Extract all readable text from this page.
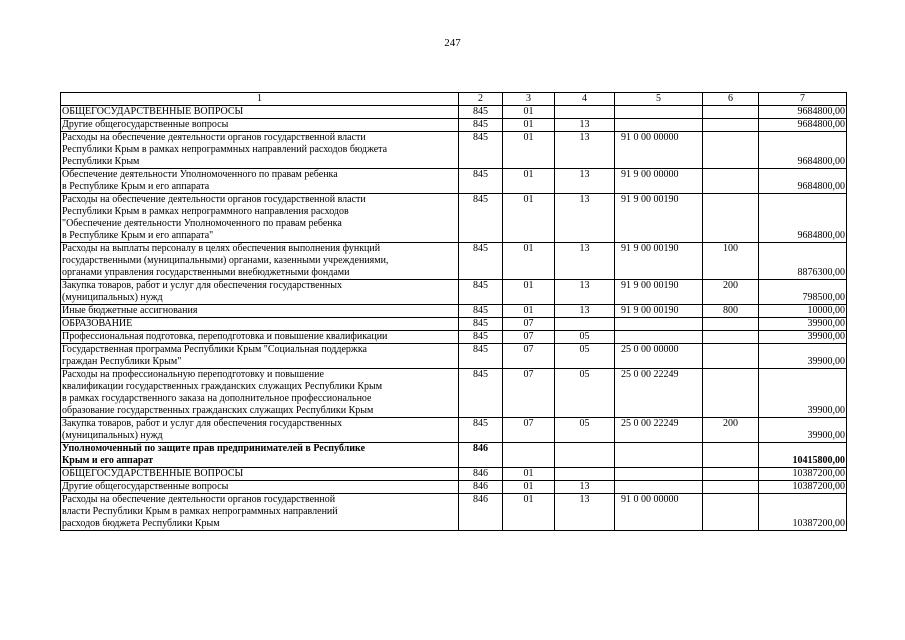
247
1	2	3	4	5	6	7
ОБЩЕГОСУДАРСТВЕННЫЕ ВОПРОСЫ	845	01				9684800,00
Другие общегосударственные вопросы	845	01	13			9684800,00
Расходы на обеспечение деятельности органов государственной власти
Республики Крым в рамках непрограммных направлений расходов бюджета
Республики Крым	845	01	13	91 0 00 00000		9684800,00
Обеспечение деятельности Уполномоченного по правам ребенка
в Республике Крым и его аппарата	845	01	13	91 9 00 00000		9684800,00
Расходы на обеспечение деятельности органов государственной власти
Республики Крым в рамках непрограммного направления расходов
"Обеспечение деятельности Уполномоченного по правам ребенка
в Республике Крым и его аппарата"	845	01	13	91 9 00 00190		9684800,00
Расходы на выплаты персоналу в целях обеспечения выполнения функций
государственными (муниципальными) органами, казенными учреждениями,
органами управления государственными внебюджетными фондами	845	01	13	91 9 00 00190	100	8876300,00
Закупка товаров, работ и услуг для обеспечения государственных
(муниципальных) нужд	845	01	13	91 9 00 00190	200	798500,00
Иные бюджетные ассигнования	845	01	13	91 9 00 00190	800	10000,00
ОБРАЗОВАНИЕ	845	07				39900,00
Профессиональная подготовка, переподготовка и повышение квалификации	845	07	05			39900,00
Государственная программа Республики Крым "Социальная поддержка
граждан Республики Крым"	845	07	05	25 0 00 00000		39900,00
Расходы на профессиональную переподготовку и повышение
квалификации государственных гражданских служащих Республики Крым
в рамках государственного заказа на дополнительное профессиональное
образование государственных гражданских служащих Республики Крым	845	07	05	25 0 00 22249		39900,00
Закупка товаров, работ и услуг для обеспечения государственных
(муниципальных) нужд	845	07	05	25 0 00 22249	200	39900,00
Уполномоченный по защите прав предпринимателей в Республике
Крым и его аппарат	846					10415800,00
ОБЩЕГОСУДАРСТВЕННЫЕ ВОПРОСЫ	846	01				10387200,00
Другие общегосударственные вопросы	846	01	13			10387200,00
Расходы на обеспечение деятельности органов государственной
власти Республики Крым в рамках непрограммных направлений
расходов бюджета Республики Крым	846	01	13	91 0 00 00000		10387200,00
